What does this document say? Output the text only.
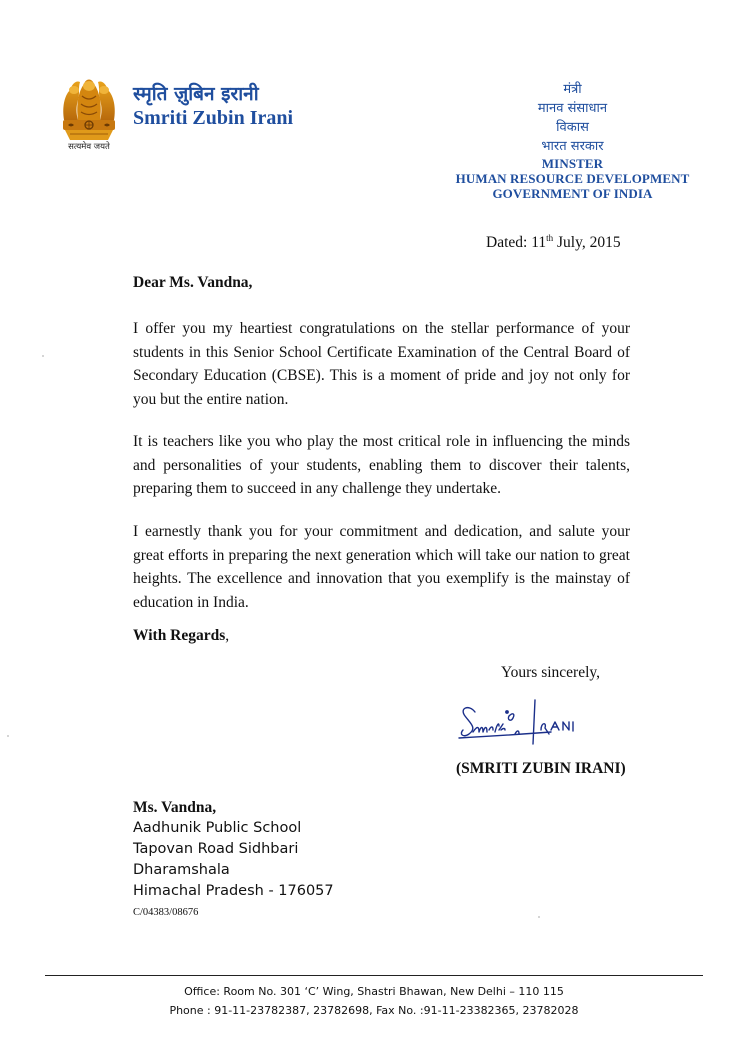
सत्यमेव जयते
स्मृति ज़ुबिन इरानी
Smriti Zubin Irani
मंत्री
मानव संसाधान
विकास
भारत सरकार
MINSTER
HUMAN RESOURCE DEVELOPMENT
GOVERNMENT OF INDIA
Dated: 11th July, 2015
Dear Ms. Vandna,
I offer you my heartiest congratulations on the stellar performance of your students in this Senior School Certificate Examination of the Central Board of Secondary Education (CBSE). This is a moment of pride and joy not only for you but the entire nation.
It is teachers like you who play the most critical role in influencing the minds and personalities of your students, enabling them to discover their talents, preparing them to succeed in any challenge they undertake.
I earnestly thank you for your commitment and dedication, and salute your great efforts in preparing the next generation which will take our nation to great heights. The excellence and innovation that you exemplify is the mainstay of education in India.
With Regards,
Yours sincerely,
(SMRITI ZUBIN IRANI)
Ms. Vandna,
Aadhunik Public School
Tapovan Road Sidhbari
Dharamshala
Himachal Pradesh - 176057
C/04383/08676
Office: Room No. 301 ‘C’ Wing, Shastri Bhawan, New Delhi – 110 115
Phone : 91-11-23782387, 23782698, Fax No. :91-11-23382365, 23782028
